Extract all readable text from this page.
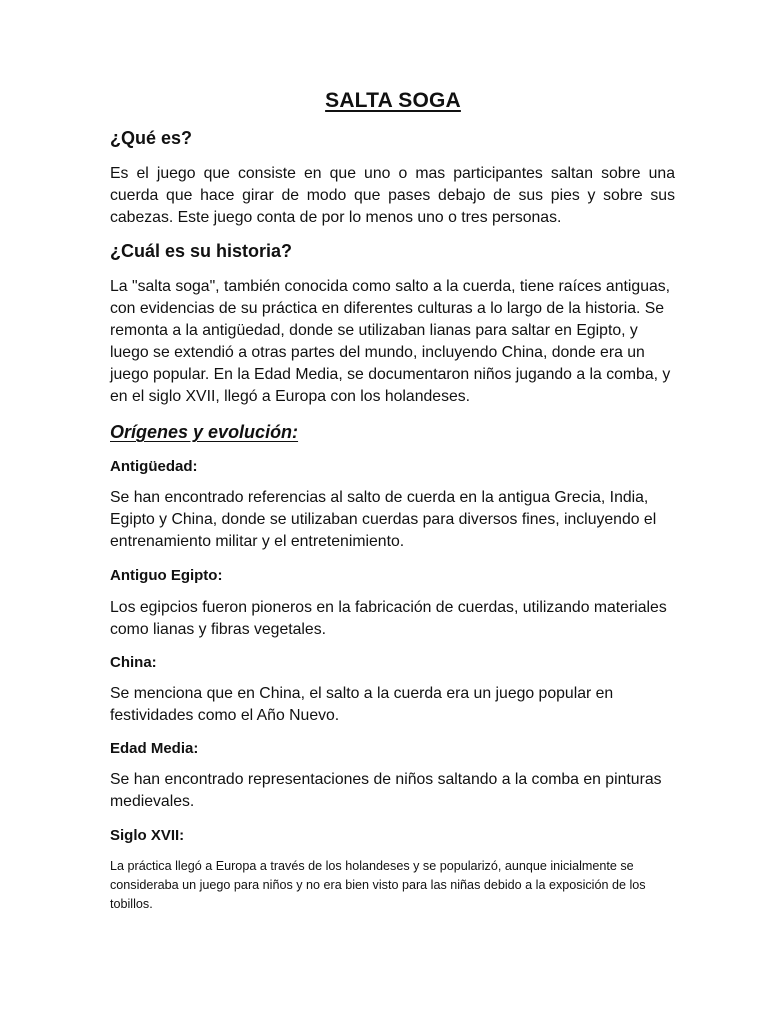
SALTA SOGA
¿Qué es?
Es el juego que consiste en que uno o mas participantes saltan sobre una cuerda que hace girar de modo que pases debajo de sus pies y sobre sus cabezas. Este juego conta de por lo menos uno o tres personas.
¿Cuál es su historia?
La "salta soga", también conocida como salto a la cuerda, tiene raíces antiguas, con evidencias de su práctica en diferentes culturas a lo largo de la historia. Se remonta a la antigüedad, donde se utilizaban lianas para saltar en Egipto, y luego se extendió a otras partes del mundo, incluyendo China, donde era un juego popular. En la Edad Media, se documentaron niños jugando a la comba, y en el siglo XVII, llegó a Europa con los holandeses.
Orígenes y evolución:
Antigüedad:
Se han encontrado referencias al salto de cuerda en la antigua Grecia, India, Egipto y China, donde se utilizaban cuerdas para diversos fines, incluyendo el entrenamiento militar y el entretenimiento.
Antiguo Egipto:
Los egipcios fueron pioneros en la fabricación de cuerdas, utilizando materiales como lianas y fibras vegetales.
China:
Se menciona que en China, el salto a la cuerda era un juego popular en festividades como el Año Nuevo.
Edad Media:
Se han encontrado representaciones de niños saltando a la comba en pinturas medievales.
Siglo XVII:
La práctica llegó a Europa a través de los holandeses y se popularizó, aunque inicialmente se consideraba un juego para niños y no era bien visto para las niñas debido a la exposición de los tobillos.
